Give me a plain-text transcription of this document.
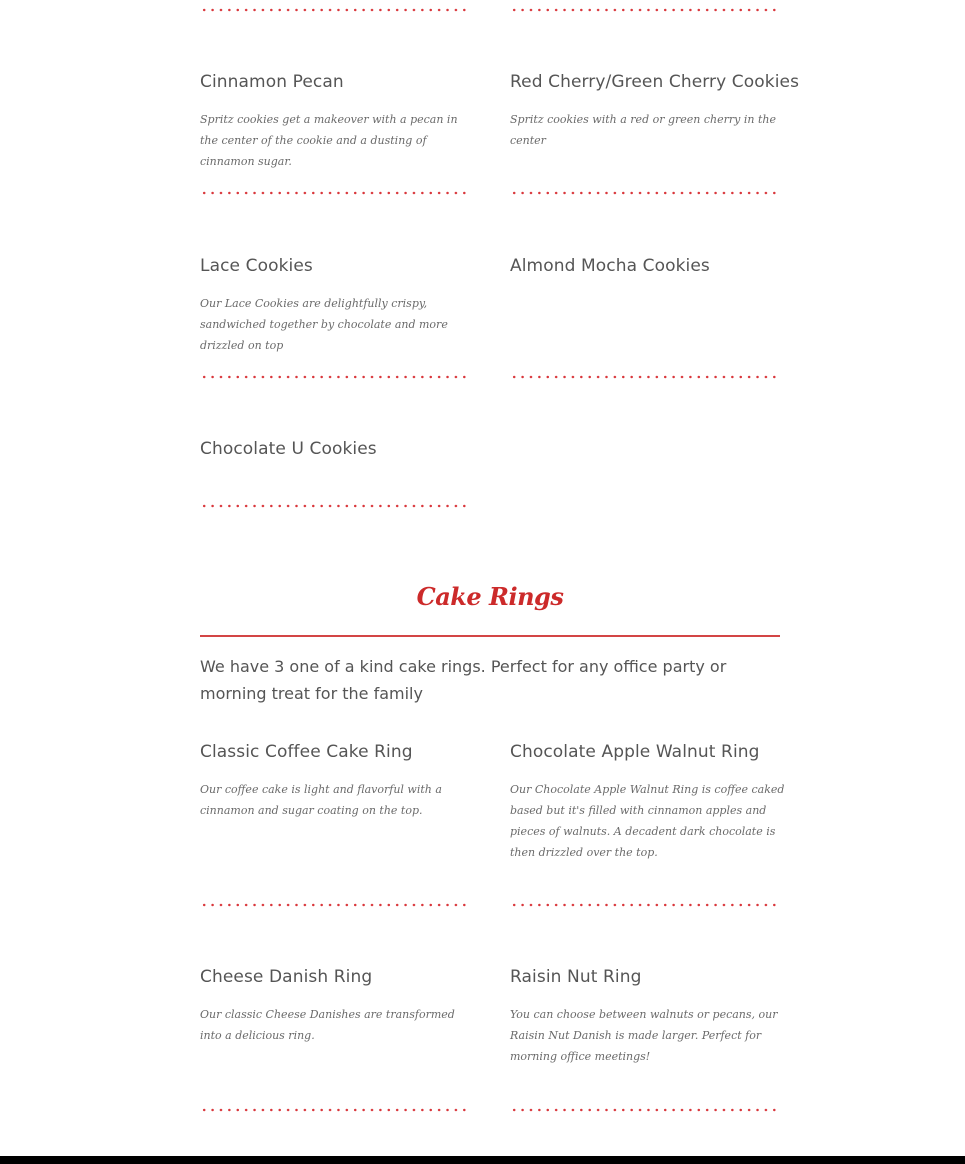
Cinnamon Pecan

Spritz cookies get a makeover with a pecan in the center of the cookie and a dusting of cinnamon sugar.

Red Cherry/Green Cherry Cookies

Spritz cookies with a red or green cherry in the center

Lace Cookies

Our Lace Cookies are delightfully crispy, sandwiched together by chocolate and more drizzled on top

Almond Mocha Cookies
Chocolate U Cookies
Cake Rings

We have 3 one of a kind cake rings. Perfect for any office party or morning treat for the family

Classic Coffee Cake Ring

Our coffee cake is light and flavorful with a cinnamon and sugar coating on the top.

Chocolate Apple Walnut Ring

Our Chocolate Apple Walnut Ring is coffee caked based but it's filled with cinnamon apples and pieces of walnuts. A decadent dark chocolate is then drizzled over the top.

Cheese Danish Ring

Our classic Cheese Danishes are transformed into a delicious ring.

Raisin Nut Ring

You can choose between walnuts or pecans, our Raisin Nut Danish is made larger. Perfect for morning office meetings!
